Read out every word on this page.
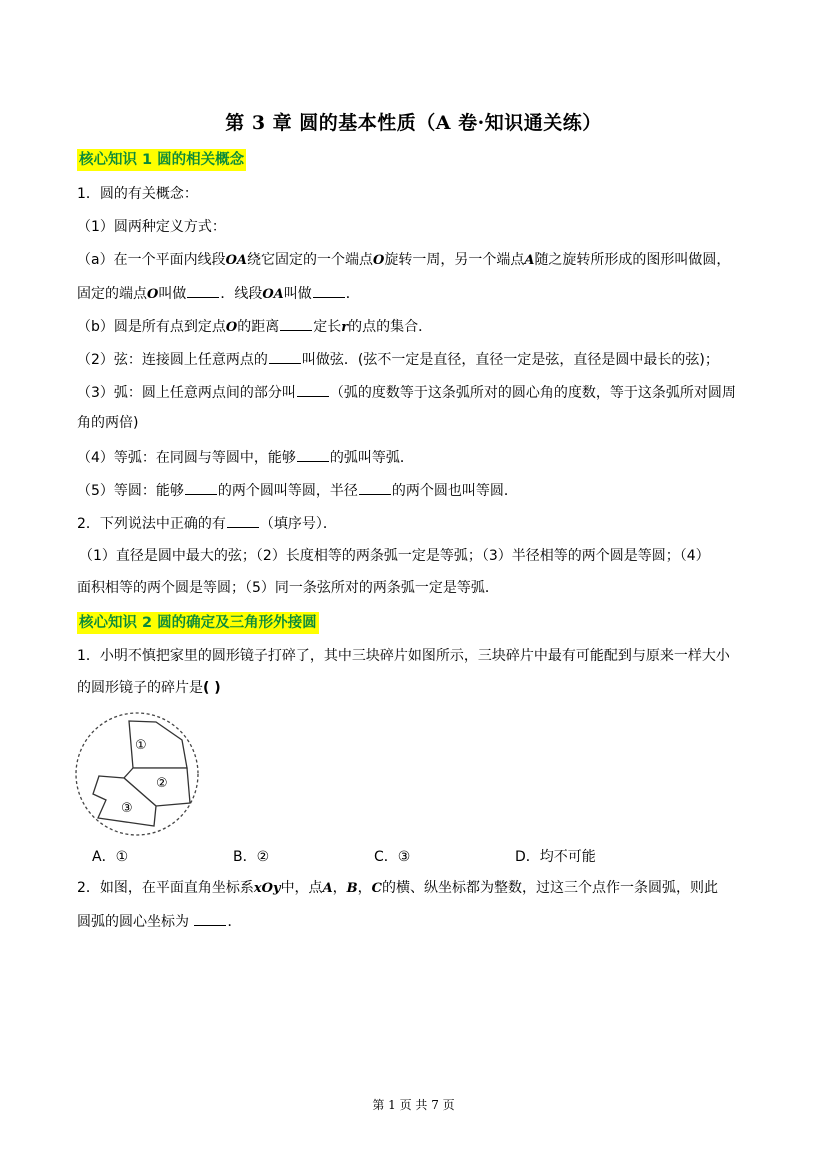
第 3 章 圆的基本性质（A 卷·知识通关练）
核心知识 1 圆的相关概念
1．圆的有关概念：
（1）圆两种定义方式：
（a）在一个平面内线段OA绕它固定的一个端点O旋转一周，另一个端点A随之旋转所形成的图形叫做圆，
固定的端点O叫做 ．线段OA叫做 ．
（b）圆是所有点到定点O的距离 定长r的点的集合．
（2）弦：连接圆上任意两点的 叫做弦．(弦不一定是直径，直径一定是弦，直径是圆中最长的弦)；
（3）弧：圆上任意两点间的部分叫 （弧的度数等于这条弧所对的圆心角的度数，等于这条弧所对圆周
角的两倍)
（4）等弧：在同圆与等圆中，能够 的弧叫等弧．
（5）等圆：能够 的两个圆叫等圆，半径 的两个圆也叫等圆．
2．下列说法中正确的有 （填序号）．
（1）直径是圆中最大的弦；（2）长度相等的两条弧一定是等弧；（3）半径相等的两个圆是等圆；（4）
面积相等的两个圆是等圆；（5）同一条弦所对的两条弧一定是等弧．
核心知识 2 圆的确定及三角形外接圆
1．小明不慎把家里的圆形镜子打碎了，其中三块碎片如图所示，三块碎片中最有可能配到与原来一样大小
的圆形镜子的碎片是( )
①
②
③
A．①	B．②	C．③	D．均不可能
2．如图，在平面直角坐标系xOy中，点A，B，C的横、纵坐标都为整数，过这三个点作一条圆弧，则此
圆弧的圆心坐标为	．
第 1 页 共 7 页
